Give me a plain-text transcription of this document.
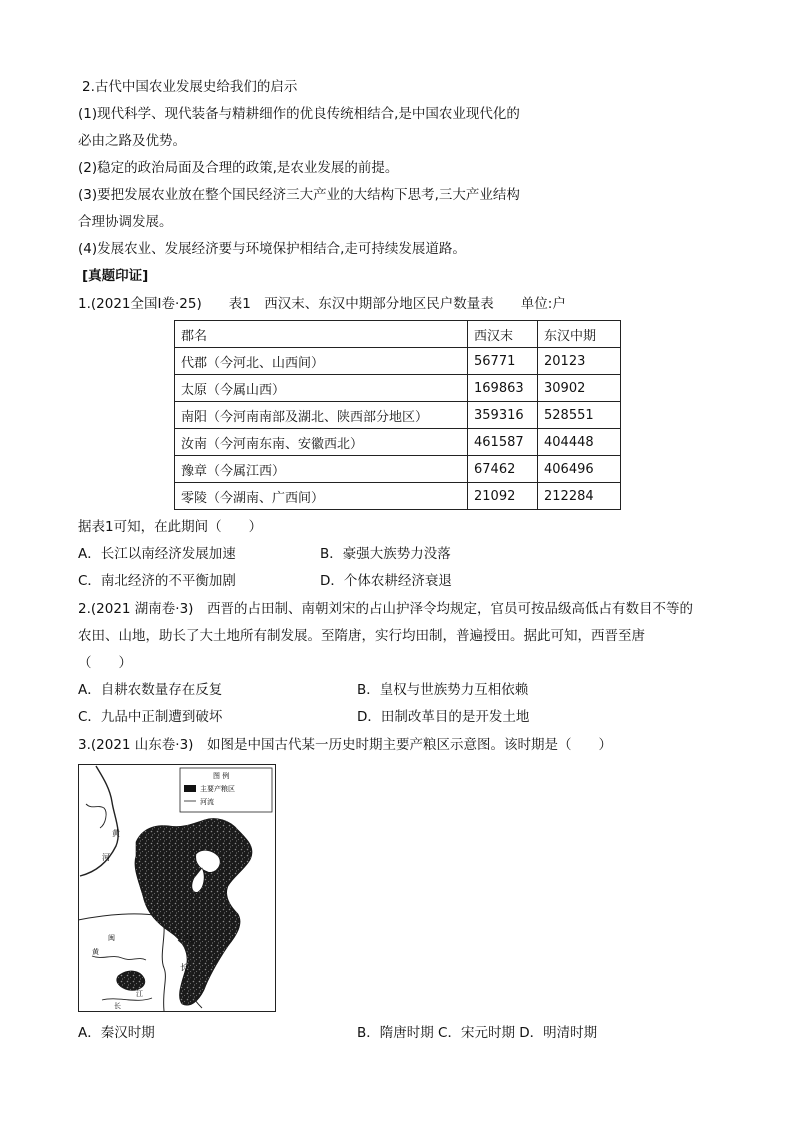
2.古代中国农业发展史给我们的启示
(1)现代科学、现代装备与精耕细作的优良传统相结合,是中国农业现代化的
必由之路及优势。
(2)稳定的政治局面及合理的政策,是农业发展的前提。
(3)要把发展农业放在整个国民经济三大产业的大结构下思考,三大产业结构
合理协调发展。
(4)发展农业、发展经济要与环境保护相结合,走可持续发展道路。
[真题印证]
1.(2021全国Ⅰ卷·25)　　表1　西汉末、东汉中期部分地区民户数量表　　单位:户
郡名	西汉末	东汉中期
代郡（今河北、山西间）	56771	20123
太原（今属山西）	169863	30902
南阳（今河南南部及湖北、陕西部分地区）	359316	528551
汝南（今河南东南、安徽西北）	461587	404448
豫章（今属江西）	67462	406496
零陵（今湖南、广西间）	21092	212284
据表1可知，在此期间（　　）
A．长江以南经济发展加速	B．豪强大族势力没落
C．南北经济的不平衡加剧	D．个体农耕经济衰退
2.(2021 湖南卷·3)　西晋的占田制、南朝刘宋的占山护泽令均规定，官员可按品级高低占有数目不等的
农田、山地，助长了大土地所有制发展。至隋唐，实行均田制，普遍授田。据此可知，西晋至唐
（　　）
A．自耕农数量存在反复	B．皇权与世族势力互相依赖
C．九品中正制遭到破坏	D．田制改革目的是开发土地
3.(2021 山东卷·3)　如图是中国古代某一历史时期主要产粮区示意图。该时期是（　　）
图 例
主要产粮区
河流
黄
河
江
长
闽
黄
长
江
A．秦汉时期	B．隋唐时期 C．宋元时期 D．明清时期
